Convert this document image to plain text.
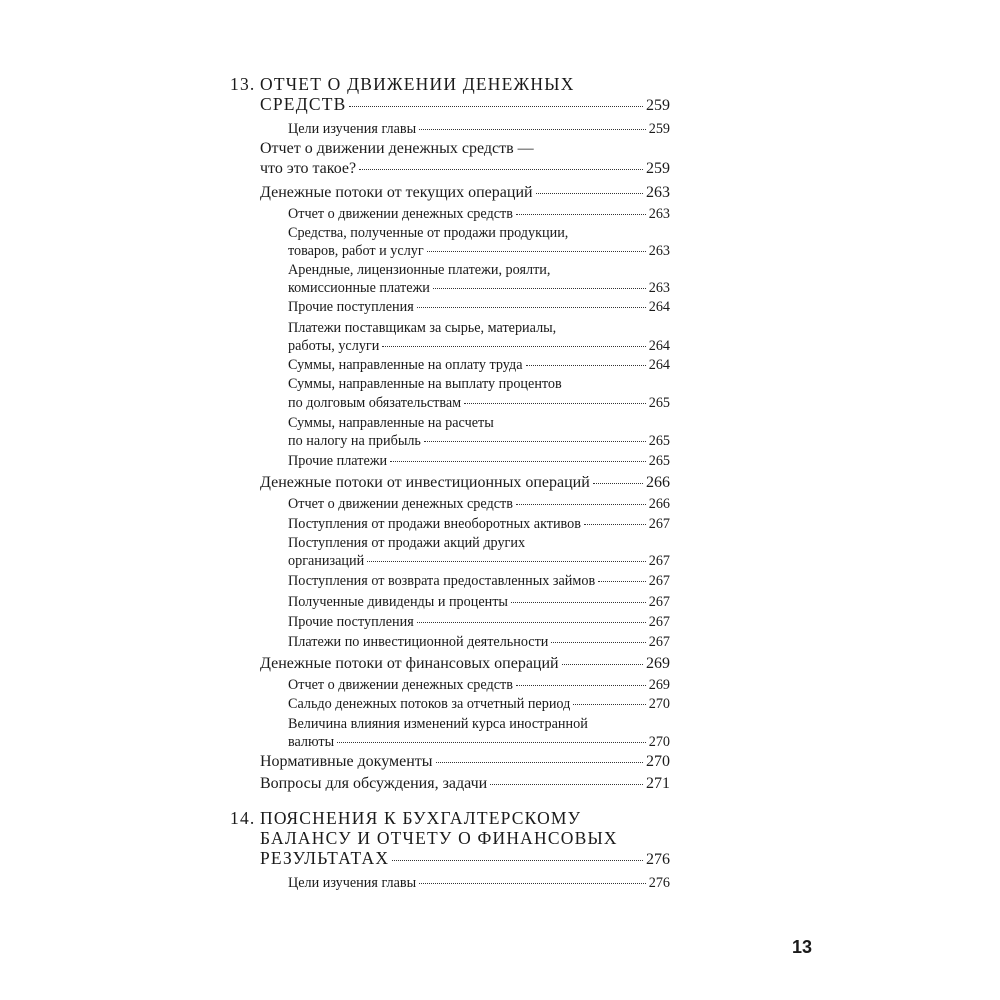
13. ОТЧЕТ О ДВИЖЕНИИ ДЕНЕЖНЫХ
СРЕДСТВ	259
Цели изучения главы	259
Отчет о движении денежных средств —
что это такое?	259
Денежные потоки от текущих операций	263
Отчет о движении денежных средств	263
Средства, полученные от продажи продукции,
товаров, работ и услуг	263
Арендные, лицензионные платежи, роялти,
комиссионные платежи	263
Прочие поступления	264
Платежи поставщикам за сырье, материалы,
работы, услуги	264
Суммы, направленные на оплату труда	264
Суммы, направленные на выплату процентов
по долговым обязательствам	265
Суммы, направленные на расчеты
по налогу на прибыль	265
Прочие платежи	265
Денежные потоки от инвестиционных операций	266
Отчет о движении денежных средств	266
Поступления от продажи внеоборотных активов	267
Поступления от продажи акций других
организаций	267
Поступления от возврата предоставленных займов	267
Полученные дивиденды и проценты	267
Прочие поступления	267
Платежи по инвестиционной деятельности	267
Денежные потоки от финансовых операций	269
Отчет о движении денежных средств	269
Сальдо денежных потоков за отчетный период	270
Величина влияния изменений курса иностранной
валюты	270
Нормативные документы	270
Вопросы для обсуждения, задачи	271
14. ПОЯСНЕНИЯ К БУХГАЛТЕРСКОМУ
БАЛАНСУ И ОТЧЕТУ О ФИНАНСОВЫХ
РЕЗУЛЬТАТАХ	276
Цели изучения главы	276
13
